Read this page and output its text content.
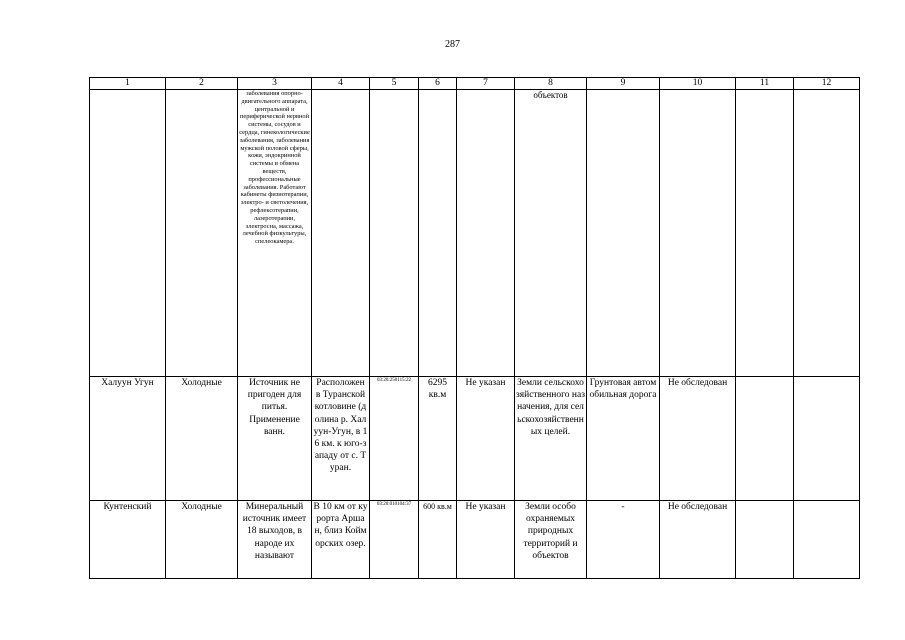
287
1	2	3	4	5	6	7	8	9	10	11	12
		заболевания опорно-двигательного аппарата, центральной и периферической нервной системы, сосудов и сердца, гинекологические заболевания, заболевания мужской половой сферы, кожи, эндокринной системы и обмена веществ, профессиональные заболевания. Работают кабинеты физиотерапии, электро- и светолечения, рефлексотерапии, лазеротерапии, электросна, массажа, лечебной физкультуры, спелеокамера.					объектов				
Халуун Угун	Холодные	Источник не пригоден для питья. Применение ванн.	Расположен в Туранской котловине (долина р. Халуун-Угун, в 16 км. к юго-западу от с. Туран.	03:20:250115:22	6295 кв.м	Не указан	Земли сельскохозяйственного назначения, для сельскохозяйственных целей.	Грунтовая автомобильная дорога	Не обследован		
Кунтенский	Холодные	Минеральный источник имеет 18 выходов, в народе их называют	В 10 км от курорта Аршан, близ Койморских озер.	03:20:010104:37	600 кв.м	Не указан	Земли особо охраняемых природных территорий и объектов	-	Не обследован		
